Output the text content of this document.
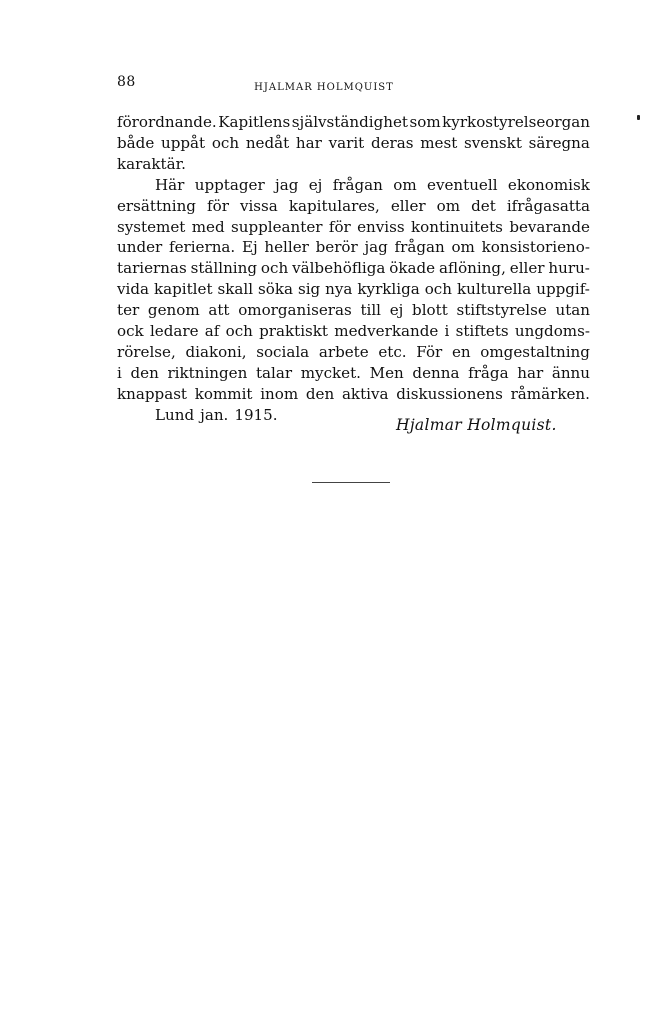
88	HJALMAR HOLMQUIST
förordnande. Kapitlens självständighet som kyrkostyrelseorgan
både uppåt och nedåt har varit deras mest svenskt säregna
karaktär.
Här upptager jag ej frågan om eventuell ekonomisk
ersättning för vissa kapitulares, eller om det ifrågasatta
systemet med suppleanter för enviss kontinuitets bevarande
under ferierna. Ej heller berör jag frågan om konsistorieno-
tariernas ställning och välbehöfliga ökade aflöning, eller huru-
vida kapitlet skall söka sig nya kyrkliga och kulturella uppgif-
ter genom att omorganiseras till ej blott stiftstyrelse utan
ock ledare af och praktiskt medverkande i stiftets ungdoms-
rörelse, diakoni, sociala arbete etc. För en omgestaltning
i den riktningen talar mycket. Men denna fråga har ännu
knappast kommit inom den aktiva diskussionens råmärken.
Lund jan. 1915.
Hjalmar Holmquist.
